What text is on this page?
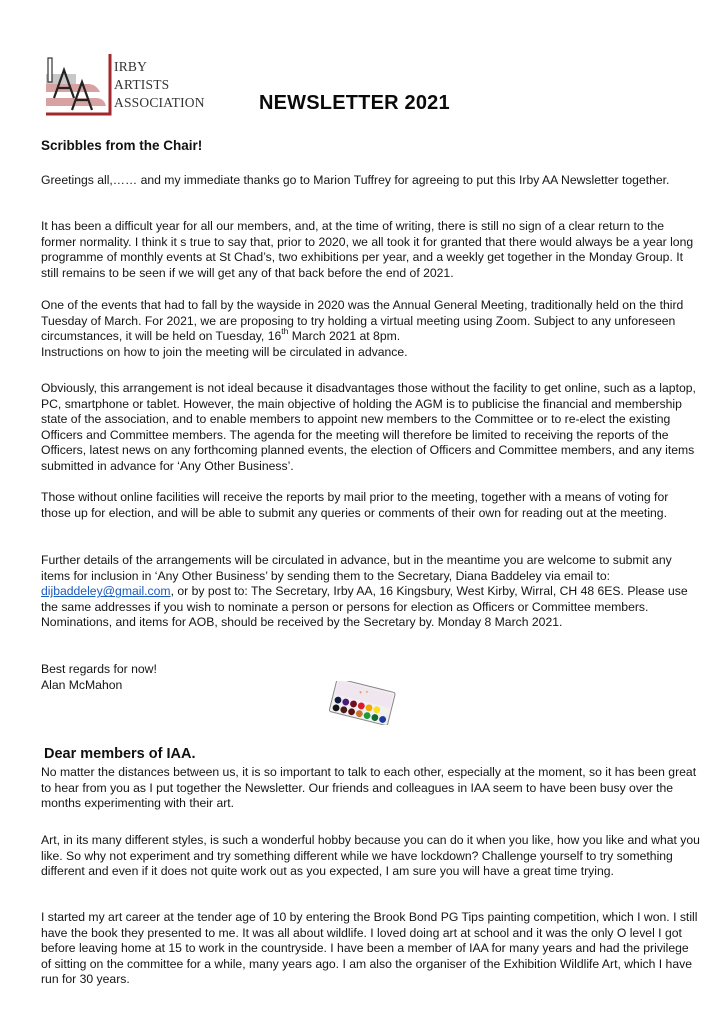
IRBY
ARTISTS
ASSOCIATION	NEWSLETTER 2021
Scribbles from the Chair!
Greetings all,…… and my immediate thanks go to Marion Tuffrey for agreeing to put this Irby AA Newsletter together.
It has been a difficult year for all our members, and, at the time of writing, there is still no sign of a clear return to the former normality. I think it s true to say that, prior to 2020, we all took it for granted that there would always be a year long programme of monthly events at St Chad’s, two exhibitions per year, and a weekly get together in the Monday Group. It still remains to be seen if we will get any of that back before the end of 2021.
One of the events that had to fall by the wayside in 2020 was the Annual General Meeting, traditionally held on the third Tuesday of March. For 2021, we are proposing to try holding a virtual meeting using Zoom. Subject to any unforeseen circumstances, it will be held on Tuesday, 16th March 2021 at 8pm.
Instructions on how to join the meeting will be circulated in advance.
Obviously, this arrangement is not ideal because it disadvantages those without the facility to get online, such as a laptop, PC, smartphone or tablet. However, the main objective of holding the AGM is to publicise the financial and membership state of the association, and to enable members to appoint new members to the Committee or to re-elect the existing Officers and Committee members. The agenda for the meeting will therefore be limited to receiving the reports of the Officers, latest news on any forthcoming planned events, the election of Officers and Committee members, and any items submitted in advance for ‘Any Other Business’.
Those without online facilities will receive the reports by mail prior to the meeting, together with a means of voting for those up for election, and will be able to submit any queries or comments of their own for reading out at the meeting.
Further details of the arrangements will be circulated in advance, but in the meantime you are welcome to submit any items for inclusion in ‘Any Other Business’ by sending them to the Secretary, Diana Baddeley via email to: dijbaddeley@gmail.com, or by post to: The Secretary, Irby AA, 16 Kingsbury, West Kirby, Wirral, CH 48 6ES. Please use the same addresses if you wish to nominate a person or persons for election as Officers or Committee members. Nominations, and items for AOB, should be received by the Secretary by. Monday 8 March 2021.
Best regards for now!
Alan McMahon
Dear members of IAA.
No matter the distances between us, it is so important to talk to each other, especially at the moment, so it has been great to hear from you as I put together the Newsletter. Our friends and colleagues in IAA seem to have been busy over the months experimenting with their art.
Art, in its many different styles, is such a wonderful hobby because you can do it when you like, how you like and what you like. So why not experiment and try something different while we have lockdown? Challenge yourself to try something different and even if it does not quite work out as you expected, I am sure you will have a great time trying.
I started my art career at the tender age of 10 by entering the Brook Bond PG Tips painting competition, which I won. I still have the book they presented to me. It was all about wildlife. I loved doing art at school and it was the only O level I got before leaving home at 15 to work in the countryside. I have been a member of IAA for many years and had the privilege of sitting on the committee for a while, many years ago. I am also the organiser of the Exhibition Wildlife Art, which I have run for 30 years.
